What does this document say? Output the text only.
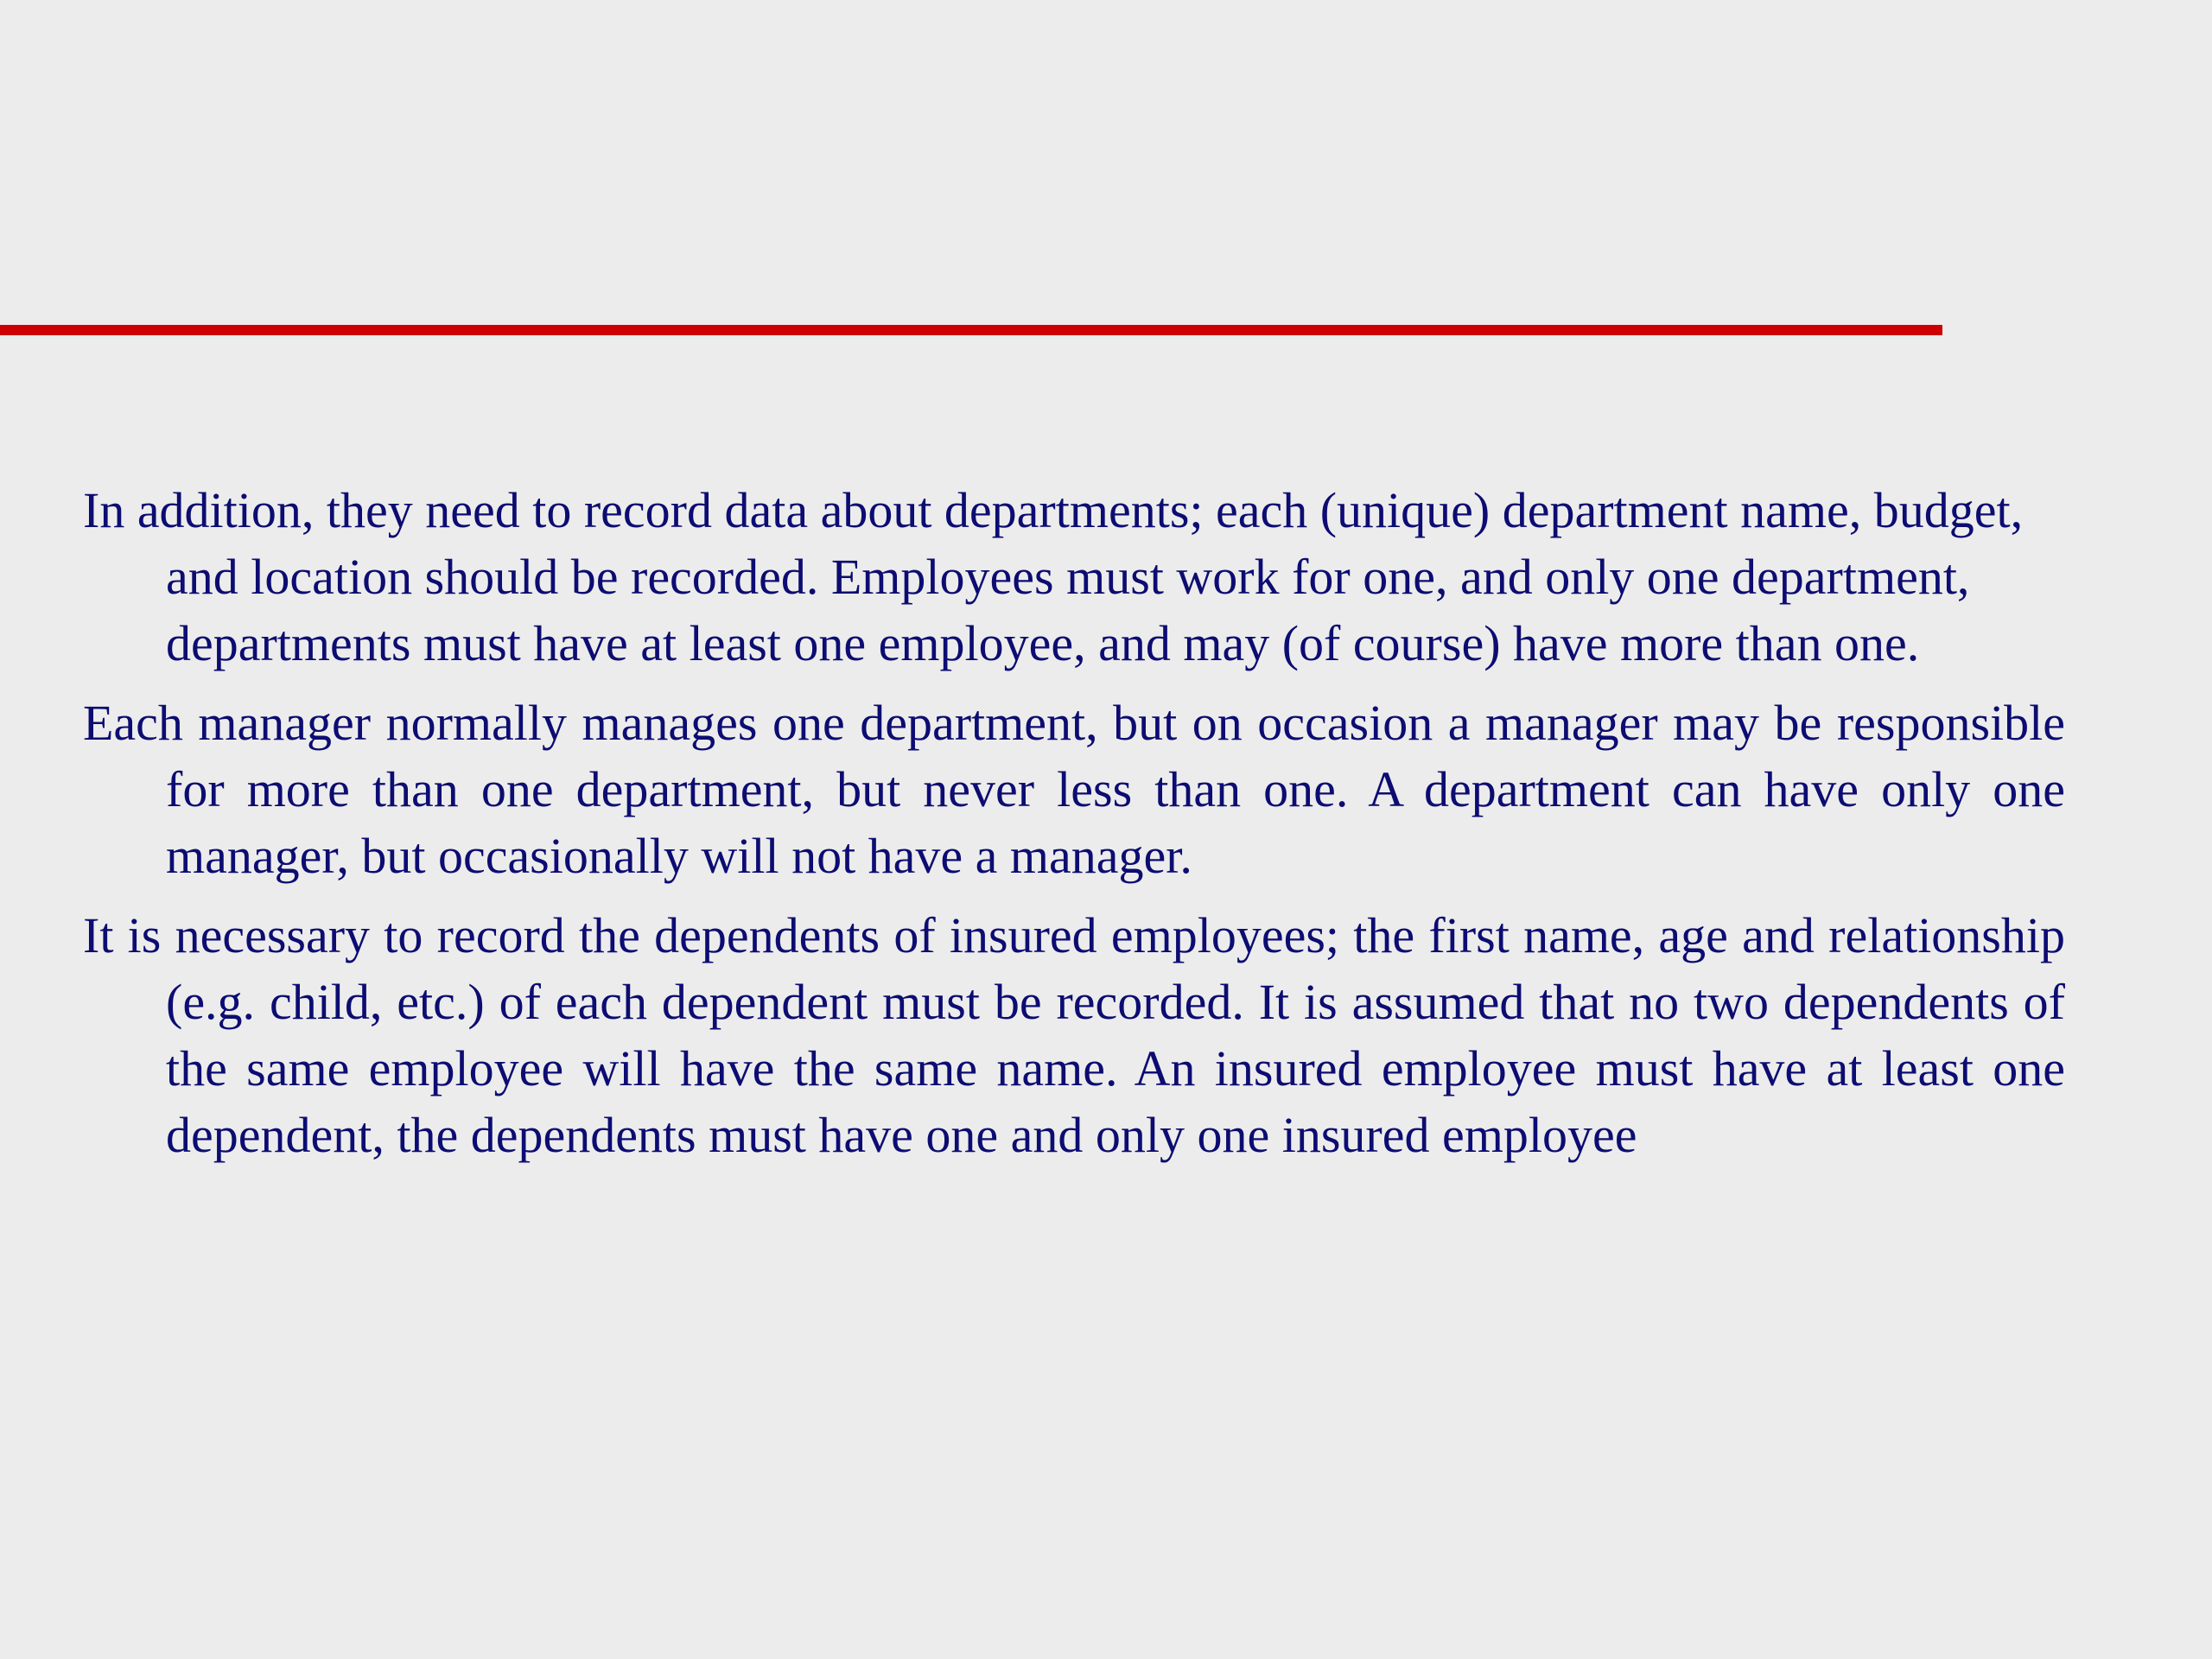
In addition, they need to record data about departments; each (unique) department name, budget, and location should be recorded. Employees must work for one, and only one department, departments must have at least one employee, and may (of course) have more than one.
Each manager normally manages one department, but on occasion a manager may be responsible for more than one department, but never less than one. A department can have only one manager, but occasionally will not have a manager.
It is necessary to record the dependents of insured employees; the first name, age and relationship (e.g. child, etc.) of each dependent must be recorded. It is assumed that no two dependents of the same employee will have the same name. An insured employee must have at least one dependent, the dependents must have one and only one insured employee
